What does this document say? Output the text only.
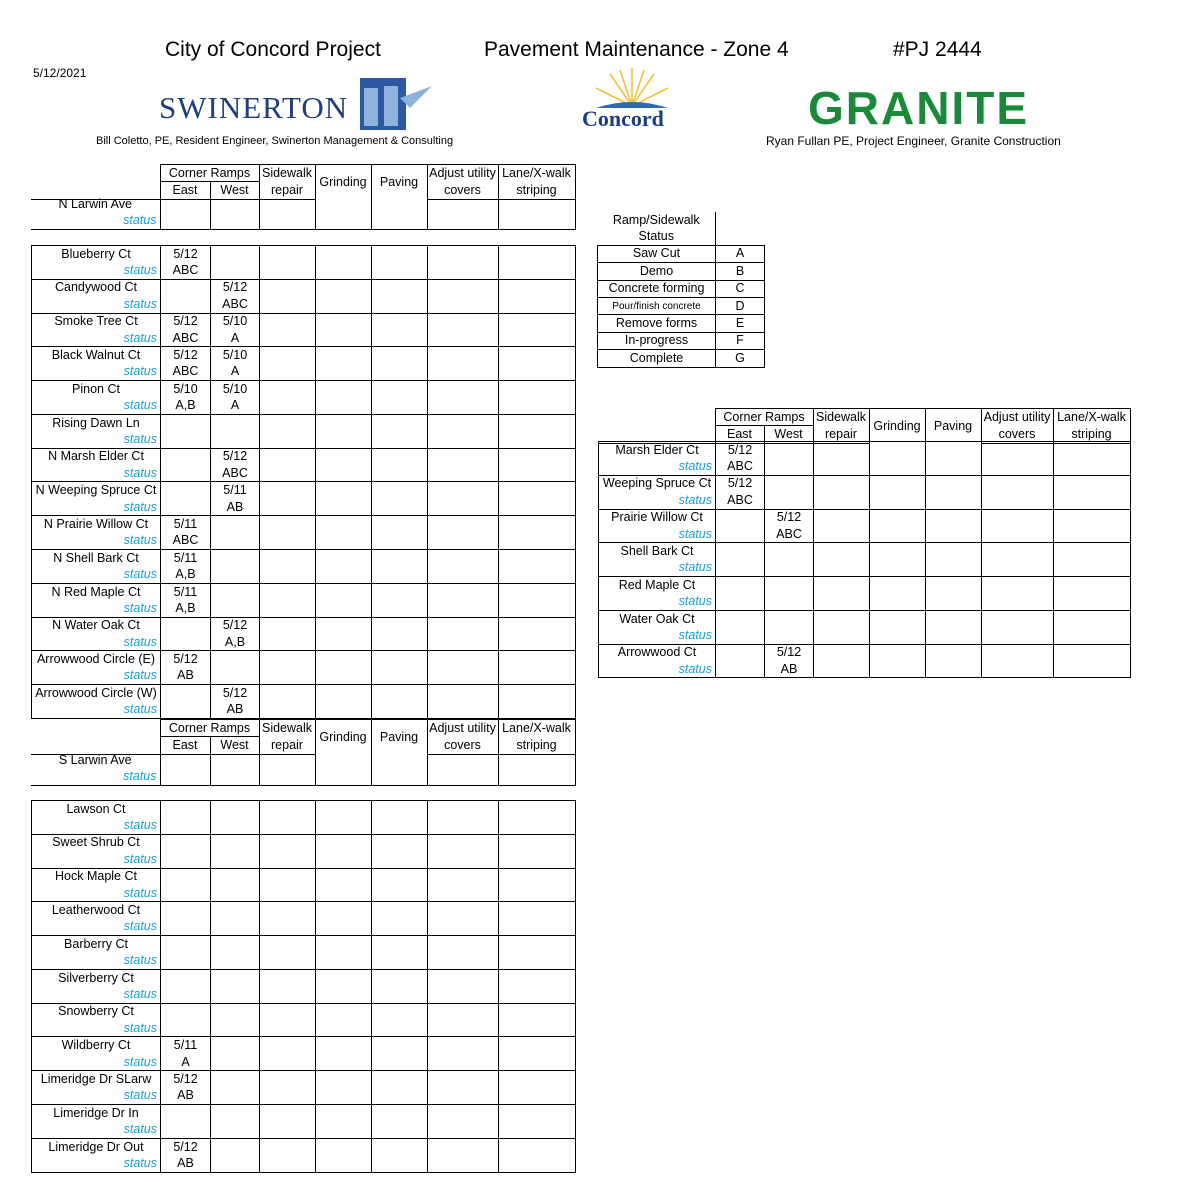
5/12/2021
City of Concord Project	Pavement Maintenance - Zone 4	#PJ 2444
SWINERTON	Concord	GRANITE
Bill Coletto, PE, Resident Engineer, Swinerton Management & Consulting	Ryan Fullan PE, Project Engineer, Granite Construction
	Corner Ramps		Sidewalk	Grinding	Paving	Adjust utility	Lane/X-walk
	East	West	repair			covers	striping
N Larwin Ave							
status							
Blueberry Ct	5/12						
status	ABC						
Candywood Ct		5/12					
status		ABC					
Smoke Tree Ct	5/12	5/10					
status	ABC	A					
Black Walnut Ct	5/12	5/10					
status	ABC	A					
Pinon Ct	5/10	5/10					
status	A,B	A					
Rising Dawn Ln							
status							
N Marsh Elder Ct		5/12					
status		ABC					
N Weeping Spruce Ct		5/11					
status		AB					
N Prairie Willow Ct	5/11						
status	ABC						
N Shell Bark Ct	5/11						
status	A,B						
N Red Maple Ct	5/11						
status	A,B						
N Water Oak Ct		5/12					
status		A,B					
Arrowwood Circle (E)	5/12						
status	AB						
Arrowwood Circle (W)		5/12					
status		AB					
	Corner Ramps		Sidewalk	Grinding	Paving	Adjust utility	Lane/X-walk
	East	West	repair			covers	striping
S Larwin Ave							
status							
Lawson Ct							
status							
Sweet Shrub Ct							
status							
Hock Maple Ct							
status							
Leatherwood Ct							
status							
Barberry Ct							
status							
Silverberry Ct							
status							
Snowberry Ct							
status							
Wildberry Ct	5/11						
status	A						
Limeridge Dr SLarw	5/12						
status	AB						
Limeridge Dr In							
status							
Limeridge Dr Out	5/12						
status	AB						
Ramp/Sidewalk	
Status	
Saw Cut	A
Demo	B
Concrete forming	C
Pour/finish concrete	D
Remove forms	E
In-progress	F
Complete	G
	Corner Ramps		Sidewalk	Grinding	Paving	Adjust utility	Lane/X-walk
	East	West	repair			covers	striping
Marsh Elder Ct	5/12						
status	ABC						
Weeping Spruce Ct	5/12						
status	ABC						
Prairie Willow Ct		5/12					
status		ABC					
Shell Bark Ct							
status							
Red Maple Ct							
status							
Water Oak Ct							
status							
Arrowwood Ct		5/12					
status		AB					
